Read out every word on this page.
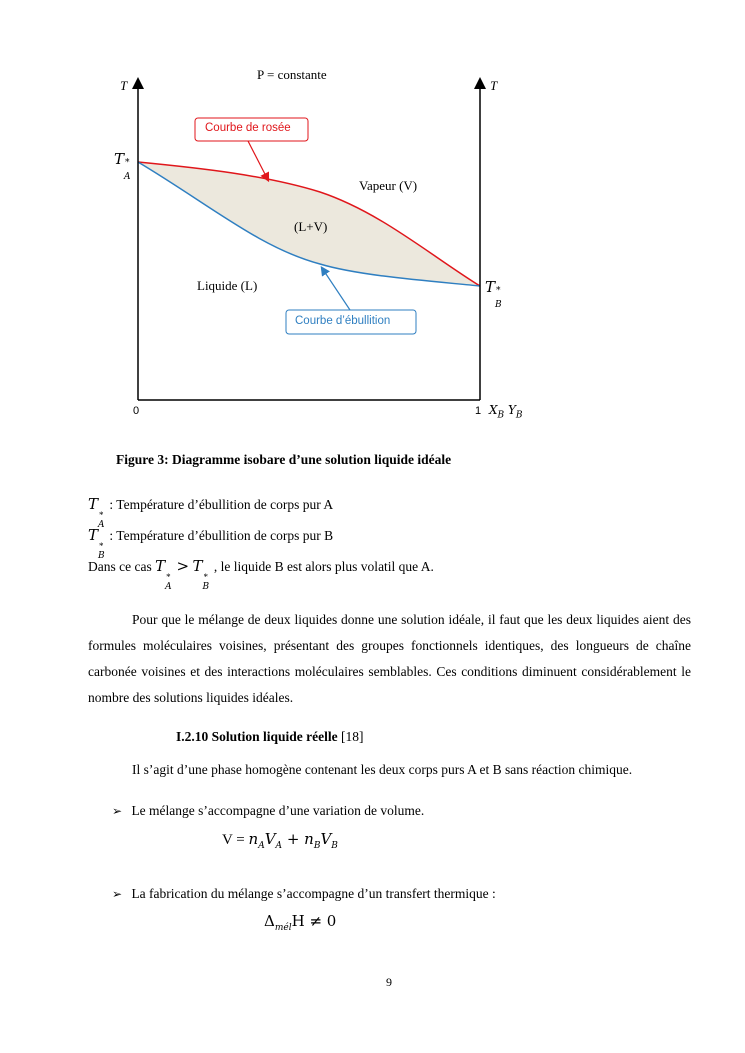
P = constante
T	T
T *
A
T *
B
Courbe de rosée
Courbe d’ébullition
Vapeur (V)
(L+V)
Liquide (L)
0	1 $X_B$ $Y_B$
Figure 3: Diagramme isobare d’une solution liquide idéale
T
*
A
: Température d’ébullition de corps pur A
T
*
B
: Température d’ébullition de corps pur B
Dans ce cas T
*
A
> T
*
B
, le liquide B est alors plus volatil que A.
Pour que le mélange de deux liquides donne une solution idéale, il faut que les deux liquides aient des formules moléculaires voisines, présentant des groupes fonctionnels identiques, des longueurs de chaîne carbonée voisines et des interactions moléculaires semblables. Ces conditions diminuent considérablement le nombre des solutions liquides idéales.
I.2.10 Solution liquide réelle [18]
Il s’agit d’une phase homogène contenant les deux corps purs A et B sans réaction chimique.
➢ Le mélange s’accompagne d’une variation de volume.
$V = n_AV_A + n_BV_B$
➢ La fabrication du mélange s’accompagne d’un transfert thermique :
$\Delta_{mél}H \ne 0$
9
